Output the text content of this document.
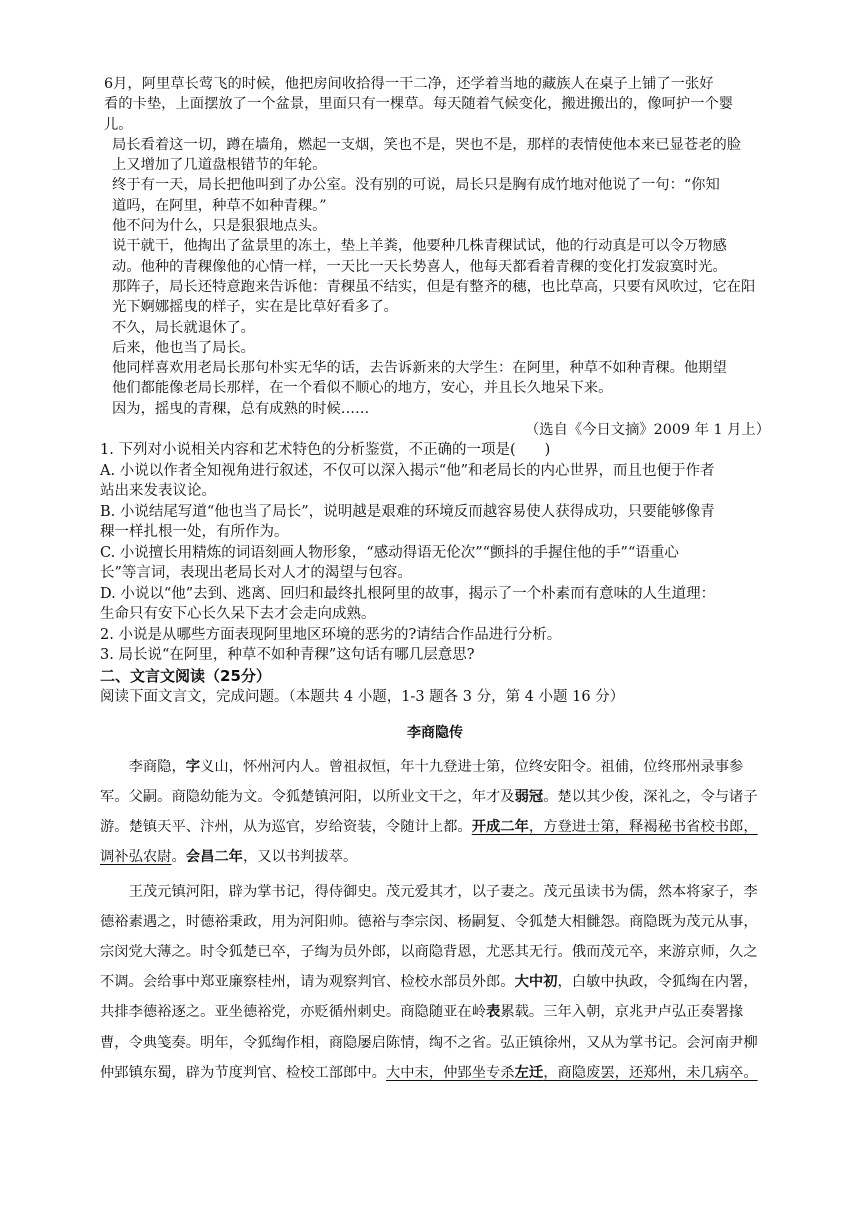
6月，阿里草长莺飞的时候，他把房间收拾得一干二净，还学着当地的藏族人在桌子上铺了一张好
看的卡垫，上面摆放了一个盆景，里面只有一棵草。每天随着气候变化，搬进搬出的，像呵护一个婴
儿。

局长看着这一切，蹲在墙角，燃起一支烟，笑也不是，哭也不是，那样的表情使他本来已显苍老的脸
上又增加了几道盘根错节的年轮。

终于有一天，局长把他叫到了办公室。没有别的可说，局长只是胸有成竹地对他说了一句：“你知
道吗，在阿里，种草不如种青稞。”

他不问为什么，只是狠狠地点头。

说干就干，他掏出了盆景里的冻土，垫上羊粪，他要种几株青稞试试，他的行动真是可以令万物感
动。他种的青稞像他的心情一样，一天比一天长势喜人，他每天都看着青稞的变化打发寂寞时光。
那阵子，局长还特意跑来告诉他：青稞虽不结实，但是有整齐的穗，也比草高，只要有风吹过，它在阳
光下婀娜摇曳的样子，实在是比草好看多了。

不久，局长就退休了。

后来，他也当了局长。

他同样喜欢用老局长那句朴实无华的话，去告诉新来的大学生：在阿里，种草不如种青稞。他期望
他们都能像老局长那样，在一个看似不顺心的地方，安心，并且长久地呆下来。

因为，摇曳的青稞，总有成熟的时候……

（选自《今日文摘》2009 年 1 月上）

1. 下列对小说相关内容和艺术特色的分析鉴赏，不正确的一项是(　　)

A. 小说以作者全知视角进行叙述，不仅可以深入揭示“他”和老局长的内心世界，而且也便于作者
站出来发表议论。

B. 小说结尾写道“他也当了局长”，说明越是艰难的环境反而越容易使人获得成功，只要能够像青
稞一样扎根一处，有所作为。

C. 小说擅长用精炼的词语刻画人物形象，“感动得语无伦次”“颤抖的手握住他的手”“语重心
长”等言词，表现出老局长对人才的渴望与包容。

D. 小说以“他”去到、逃离、回归和最终扎根阿里的故事，揭示了一个朴素而有意味的人生道理：
生命只有安下心长久呆下去才会走向成熟。

2. 小说是从哪些方面表现阿里地区环境的恶劣的?请结合作品进行分析。

3. 局长说“在阿里，种草不如种青稞”这句话有哪几层意思?

二、文言文阅读（25分）

阅读下面文言文，完成问题。（本题共 4 小题，1-3 题各 3 分，第 4 小题 16 分）

李商隐传

李商隐，字义山，怀州河内人。曾祖叔恒，年十九登进士第，位终安阳令。祖俌，位终邢州录事参军。父嗣。商隐幼能为文。令狐楚镇河阳，以所业文干之，年才及弱冠。楚以其少俊，深礼之，令与诸子游。楚镇天平、汴州，从为巡官，岁给资装，令随计上都。开成二年，方登进士第，释褐秘书省校书郎，调补弘农尉。会昌二年，又以书判拔萃。

王茂元镇河阳，辟为掌书记，得侍御史。茂元爱其才，以子妻之。茂元虽读书为儒，然本将家子，李德裕素遇之，时德裕秉政，用为河阳帅。德裕与李宗闵、杨嗣复、令狐楚大相雠怨。商隐既为茂元从事，宗闵党大薄之。时令狐楚已卒，子绹为员外郎，以商隐背恩，尤恶其无行。俄而茂元卒，来游京师，久之不调。会给事中郑亚廉察桂州，请为观察判官、检校水部员外郎。大中初，白敏中执政，令狐绹在内署，共排李德裕逐之。亚坐德裕党，亦贬循州刺史。商隐随亚在岭表累载。三年入朝，京兆尹卢弘正奏署掾曹，令典笺奏。明年，令狐绹作相，商隐屡启陈情，绹不之省。弘正镇徐州，又从为掌书记。会河南尹柳仲郢镇东蜀，辟为节度判官、检校工部郎中。大中末，仲郢坐专杀左迁，商隐废罢，还郑州，未几病卒。
